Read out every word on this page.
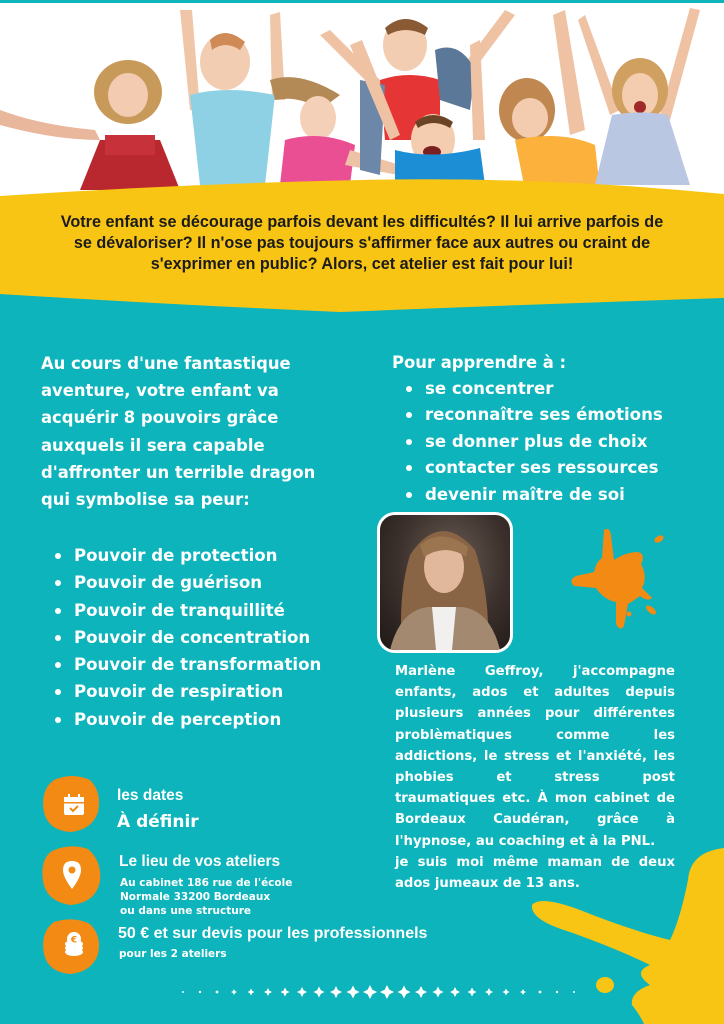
Votre enfant se décourage parfois devant les difficultés? Il lui arrive parfois de se dévaloriser? Il n'ose pas toujours s'affirmer face aux autres ou craint de s'exprimer en public? Alors, cet atelier est fait pour lui!
Au cours d'une fantastique
aventure, votre enfant va
acquérir 8 pouvoirs grâce
auxquels il sera capable
d'affronter un terrible dragon
qui symbolise sa peur:
Pouvoir de protection
Pouvoir de guérison
Pouvoir de tranquillité
Pouvoir de concentration
Pouvoir de transformation
Pouvoir de respiration
Pouvoir de perception
Pour apprendre à :
se concentrer
reconnaître ses émotions
se donner plus de choix
contacter ses ressources
devenir maître de soi
Marlène Geffroy, j'accompagne
enfants, ados et adultes depuis
plusieurs années pour différentes
problèmatiques comme les
addictions, le stress et l'anxiété, les
phobies et stress post
traumatiques etc. À mon cabinet de
Bordeaux Caudéran, grâce à
l'hypnose, au coaching et à la PNL.
je suis moi même maman de deux
ados jumeaux de 13 ans.
les dates
À définir
Le lieu de vos ateliers
Au cabinet 186 rue de l'école
Normale 33200 Bordeaux
ou dans une structure
€	50 € et sur devis pour les professionnels
pour les 2 ateliers
